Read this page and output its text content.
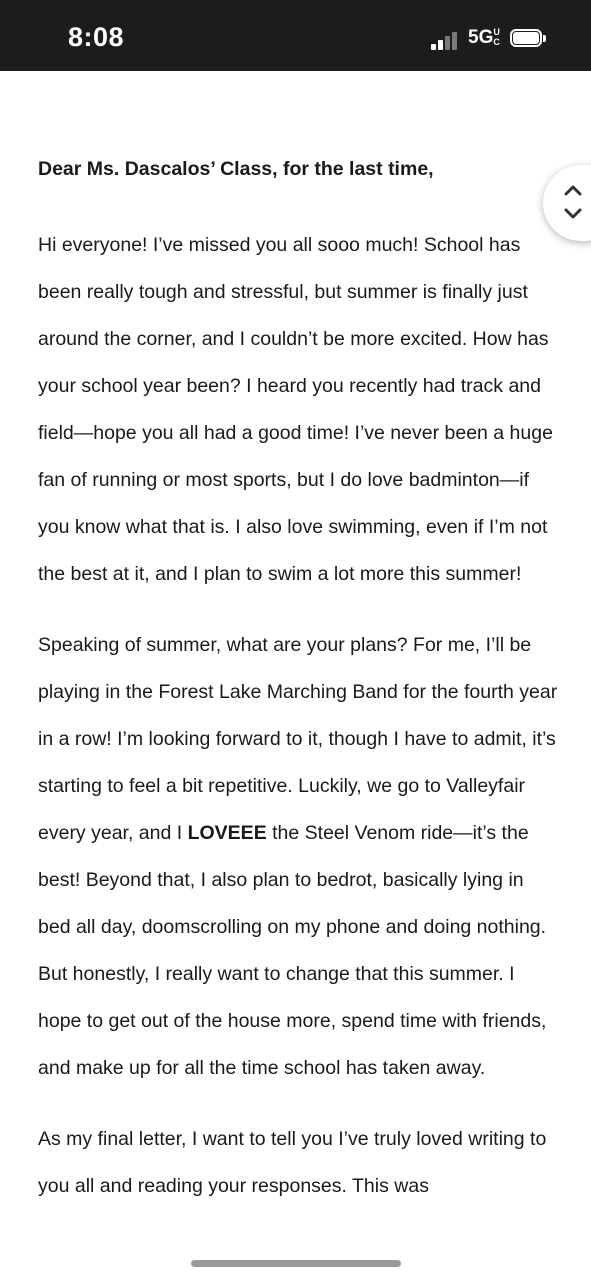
8:08	5GUC
Dear Ms. Dascalos’ Class, for the last time,

Hi everyone! I’ve missed you all sooo much! School has been really tough and stressful, but summer is finally just around the corner, and I couldn’t be more excited. How has your school year been? I heard you recently had track and field—hope you all had a good time! I’ve never been a huge fan of running or most sports, but I do love badminton—if you know what that is. I also love swimming, even if I’m not the best at it, and I plan to swim a lot more this summer!

Speaking of summer, what are your plans? For me, I’ll be playing in the Forest Lake Marching Band for the fourth year in a row! I’m looking forward to it, though I have to admit, it’s starting to feel a bit repetitive. Luckily, we go to Valleyfair every year, and I LOVEEE the Steel Venom ride—it’s the best! Beyond that, I also plan to bedrot, basically lying in bed all day, doomscrolling on my phone and doing nothing. But honestly, I really want to change that this summer. I hope to get out of the house more, spend time with friends, and make up for all the time school has taken away.

As my final letter, I want to tell you I’ve truly loved writing to you all and reading your responses. This was
